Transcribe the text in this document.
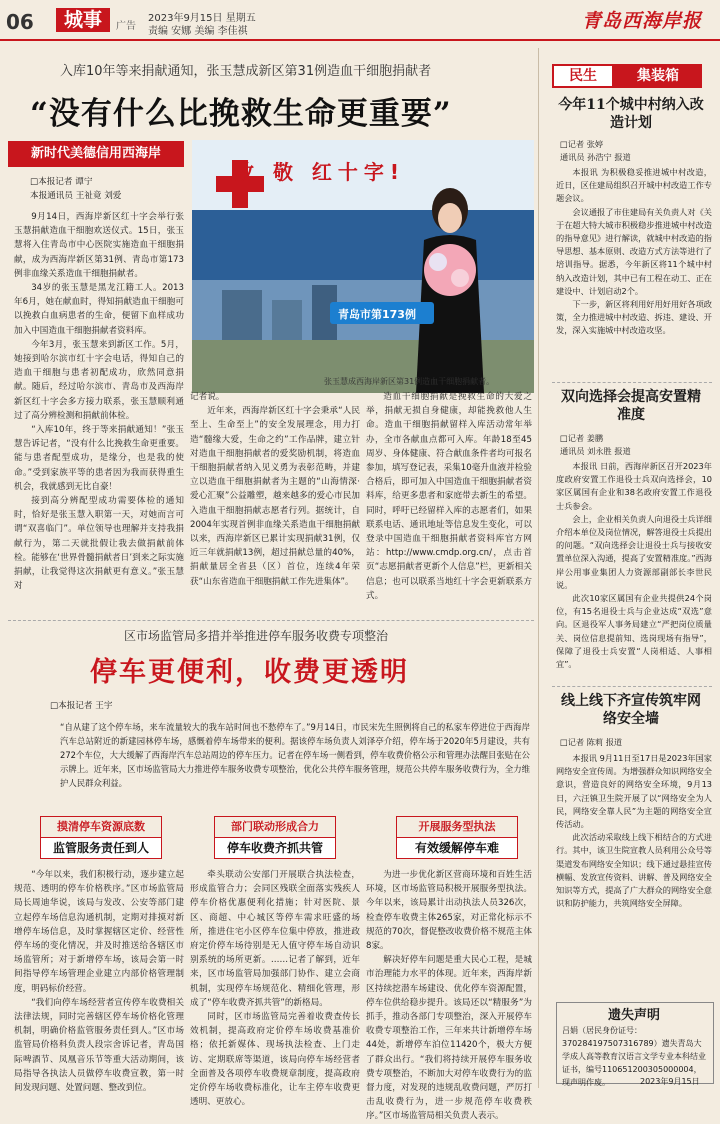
06	城事	广告
2023年9月15日 星期五
责编 安娜 美编 李佳祺	青岛西海岸报
入库10年等来捐献通知，张玉慧成新区第31例造血干细胞捐献者
“没有什么比挽救生命更重要”
新时代美德信用西海岸
□本报记者 谭宁
本报通讯员 王祉竟 刘爱
致 敬 红十字!
青岛市第173例
张玉慧成西海岸新区第31例造血干细胞捐献者。

9月14日，西海岸新区红十字会举行张玉慧捐献造血干细胞欢送仪式。15日，张玉慧将入住青岛市中心医院实施造血干细胞捐献，成为西海岸新区第31例、青岛市第173例非血缘关系造血干细胞捐献者。

34岁的张玉慧是黑龙江籍工人。2013年6月，她在献血时，得知捐献造血干细胞可以挽救白血病患者的生命，便留下血样成功加入中国造血干细胞捐献者资料库。

今年3月，张玉慧来到新区工作。5月，她接到哈尔滨市红十字会电话，得知自己的造血干细胞与患者初配成功，欣然同意捐献。随后，经过哈尔滨市、青岛市及西海岸新区红十字会多方接力联系，张玉慧顺利通过了高分辨检测和捐献前体检。

“入库10年，终于等来捐献通知！”张玉慧告诉记者，“没有什么比挽救生命更重要。能与患者配型成功，是缘分，也是我的使命。”受到家族平等的患者因为我而获得重生机会，我就感到无比自豪！

接到高分辨配型成功需要体检的通知时，恰好是张玉慧入职第一天，对她而言可谓“双喜临门”。单位领导也理解并支持我捐献行为，第二天就批假让我去做捐献前体检。能够在‘世界骨髓捐献者日’到来之际实施捐献，让我觉得这次捐献更有意义。”张玉慧对

记者说。

近年来，西海岸新区红十字会秉承“人民至上、生命至上”的安全发展理念，用力打造“髓缘大爱，生命之约”工作品牌，建立针对造血干细胞捐献者的爱奖励机制，将造血干细胞捐献者纳入见义勇为表彰范畴，并建立以造血干细胞捐献者为主题的“山海情深·爱心汇聚”公益雕塑，越来越多的爱心市民加入造血干细胞捐献志愿者行列。据统计，自2004年实现首例非血缘关系造血干细胞捐献以来，西海岸新区已累计实现捐献31例，仅近三年就捐献13例，超过捐献总量的40%，捐献量居全省县（区）首位，连续4年荣获“山东省造血干细胞捐献工作先进集体”。

造血干细胞捐献是挽救生命的大爱之举，捐献无损自身健康，却能挽救他人生命。造血干细胞捐献留样入库活动常年举办，全市各献血点都可入库。年龄18至45周岁、身体健康、符合献血条件者均可报名参加，填写登记表，采集10毫升血液并检验合格后，即可加入中国造血干细胞捐献者资料库，给更多患者和家庭带去新生的希望。同时，呼吁已经留样入库的志愿者们，如果联系电话、通讯地址等信息发生变化，可以登录中国造血干细胞捐献者资料库官方网站：http://www.cmdp.org.cn/，点击首页“志愿捐献者更新个人信息”栏，更新相关信息；也可以联系当地红十字会更新联系方式。

区市场监管局多措并举推进停车服务收费专项整治
停车更便利，收费更透明
□本报记者 王宇
“自从建了这个停车场，来车流量较大的我车站时间也不愁停车了。”9月14日，市民宋先生照例将自己的私家车停进位于西海岸汽车总站附近的新建园林停车场，感慨着停车场带来的便利。据该停车场负责人刘泽亭介绍，停车场于2020年5月建设，共有272个车位，大大缓解了西海岸汽车总站周边的停车压力。记者在停车场一侧看到，停车收费价格公示和管理办法醒目张贴在公示牌上。近年来，区市场监管局大力推进停车服务收费专项整治，优化公共停车服务管理，规范公共停车服务收费行为，全力维护人民群众利益。
摸清停车资源底数
监管服务责任到人
部门联动形成合力
停车收费齐抓共管
开展服务型执法
有效缓解停车难

“今年以来，我们积极行动，逐步建立起规范、透明的停车价格秩序。”区市场监管局局长周迪华说，该局与发改、公安等部门建立起停车场信息沟通机制，定期对排摸对新增停车场信息，及时掌握辖区定价、经营性停车场的变化情况，并及时推送给各辖区市场监管所；对于新增停车场，该局会第一时间指导停车场管理企业建立内部价格管理制度，明码标价经营。

“我们向停车场经营者宣传停车收费相关法律法规，同时完善辖区停车场价格化管理机制，明确价格监管服务责任到人。”区市场监管局价格科负责人段宗舍诉记者，青岛国际啤酒节、凤凰音乐节等重大活动期间，该局指导各执法人员做停车收费宣教，第一时间发现问题、处置问题、整改到位。

牵头联动公安部门开展联合执法检查，形成监管合力；会同区残联全面落实残疾人停车价格优惠便利化措施；针对医院、景区、商超、中心城区等停车需求旺盛的场所，推进住宅小区停车位集中停放，推进政府定价停车场待别是无人值守停车场自动识别系统的场所更新。……记者了解到，近年来，区市场监管局加强部门协作、建立会商机制，实现停车场规范化、精细化管理，形成了“停车收费齐抓共管”的新格局。

同时，区市场监管局完善着收费查传长效机制，提高政府定价停车场收费基准价格；依托新媒体、现场执法检查、上门走访、定期联席等渠道，该局向停车场经营者全面普及各项停车收费规章制度，提高政府定价停车场收费标准化，让车主停车收费更透明、更放心。

为进一步优化新区营商环境和百姓生活环境，区市场监管局积极开展服务型执法。今年以来，该局累计出动执法人员326次，检查停车收费主体265家，对正常化标示不规范的70次，督促整改收费价格不规范主体8家。

解决好停车问题是重大民心工程，是城市治理能力水平的体现。近年来，西海岸新区持续挖潜车场建设、优化停车资源配置，停车位供给稳步提升。该局还以“精服务”为抓手，推动各部门专项整治，深入开展停车收费专项整治工作，三年来共计新增停车场44处，新增停车泊位11420个，极大方便了群众出行。“我们将持续开展停车服务收费专项整治，不断加大对停车收费行为的监督力度，对发现的违规乱收费问题，严厉打击乱收费行为，进一步规范停车收费秩序。”区市场监管局相关负责人表示。

民生	集装箱
今年11个城中村纳入改造计划
□记者 张婷
通讯员 孙浩宁 报道

本报讯 为积极稳妥推进城中村改造，近日，区住建局组织召开城中村改造工作专题会议。

会议通报了市住建局有关负责人对《关于在超大特大城市积极稳步推进城中村改造的指导意见》进行解读，就城中村改造的指导思想、基本原则、改造方式方法等进行了培训指导。据悉，今年新区将11个城中村纳入改造计划，其中已有工程在动工、正在建设中、计划启动2个。

下一步，新区将利用好用好用好各项政策，全力推进城中村改造、拆违、建设、开发，深入实施城中村改造攻坚。

双向选择会提高安置精准度
□记者 姜鹏
通讯员 刘永胜 报道

本报讯 日前，西海岸新区召开2023年度政府安置工作退役士兵双向选择会，10家区属国有企业和38名政府安置工作退役士兵参会。

会上，企业相关负责人向退役士兵详细介绍本单位及岗位情况，解答退役士兵提出的问题。“双向选择会让退役士兵与接收安置单位深入沟通，提高了安置精准度。”西海岸公用事业集团人力资源部副部长李世民说。

此次10家区属国有企业共提供24个岗位，有15名退役士兵与企业达成“双选”意向。区退役军人事务局建立“严把岗位质量关、岗位信息提前知、选岗现场有指导”，保障了退役士兵安置“人岗相适、人事相宜”。

线上线下齐宣传筑牢网络安全墙
□记者 陈莉 报道

本报讯 9月11日至17日是2023年国家网络安全宣传周。为增强群众知识网络安全意识，营造良好的网络安全环境，9月13日，六汪镇卫生院开展了以“网络安全为人民，网络安全靠人民”为主题的网络安全宣传活动。

此次活动采取线上线下相结合的方式进行。其中，该卫生院宣教人员利用公众号等渠道发布网络安全知识；线下通过悬挂宣传横幅、发放宣传资料、讲解、普及网络安全知识等方式，提高了广大群众的网络安全意识和防护能力，共筑网络安全屏障。

遗失声明
吕娟（居民身份证号：370284197507316789）遗失青岛大学成人高等教育汉语言文学专业本科结业证书，编号110651200305000004，现声明作废。	2023年9月15日
